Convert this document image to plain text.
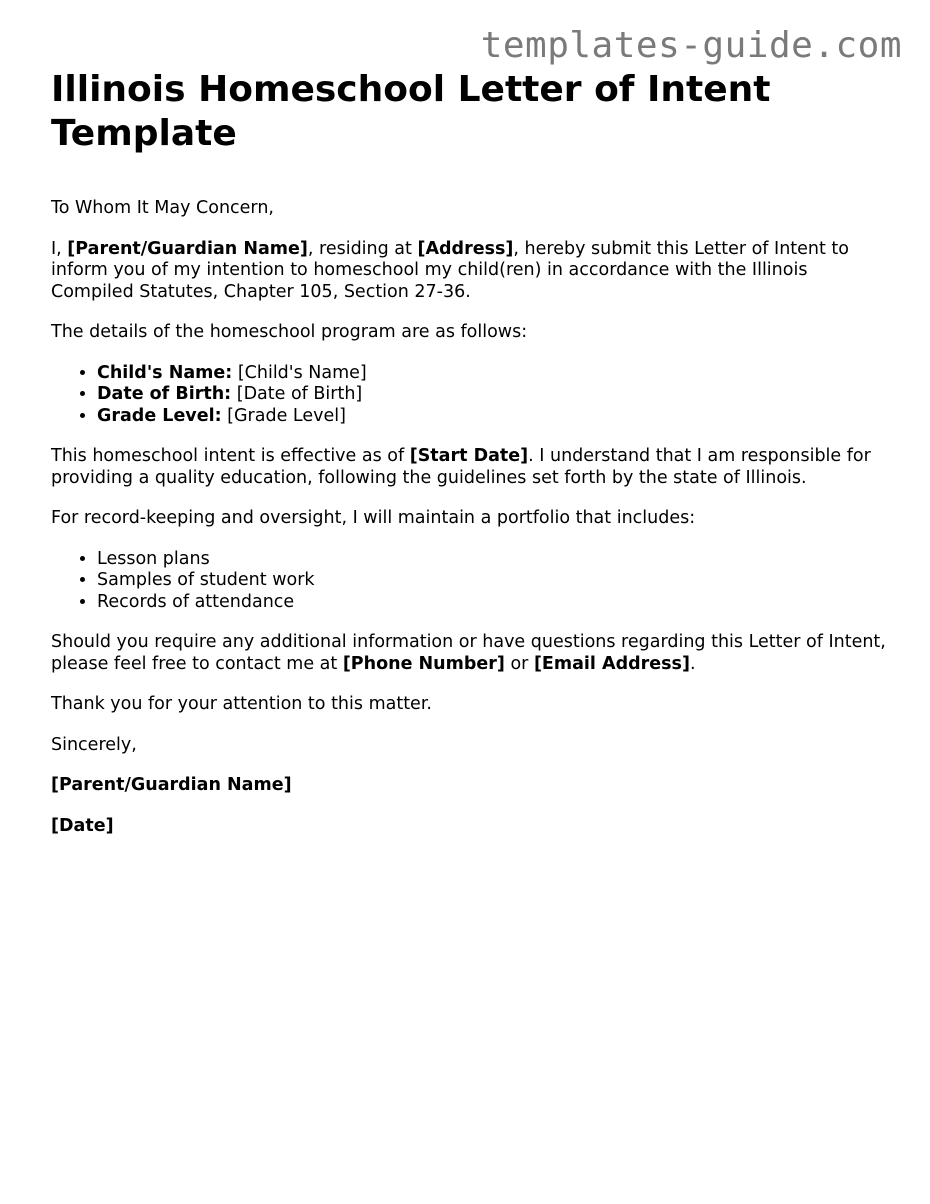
templates-guide.com
Illinois Homeschool Letter of Intent Template

To Whom It May Concern,

I, [Parent/Guardian Name], residing at [Address], hereby submit this Letter of Intent to inform you of my intention to homeschool my child(ren) in accordance with the Illinois Compiled Statutes, Chapter 105, Section 27-36.

The details of the homeschool program are as follows:

• Child's Name: [Child's Name]
• Date of Birth: [Date of Birth]
• Grade Level: [Grade Level]

This homeschool intent is effective as of [Start Date]. I understand that I am responsible for providing a quality education, following the guidelines set forth by the state of Illinois.

For record-keeping and oversight, I will maintain a portfolio that includes:

• Lesson plans
• Samples of student work
• Records of attendance

Should you require any additional information or have questions regarding this Letter of Intent, please feel free to contact me at [Phone Number] or [Email Address].

Thank you for your attention to this matter.

Sincerely,

[Parent/Guardian Name]

[Date]
